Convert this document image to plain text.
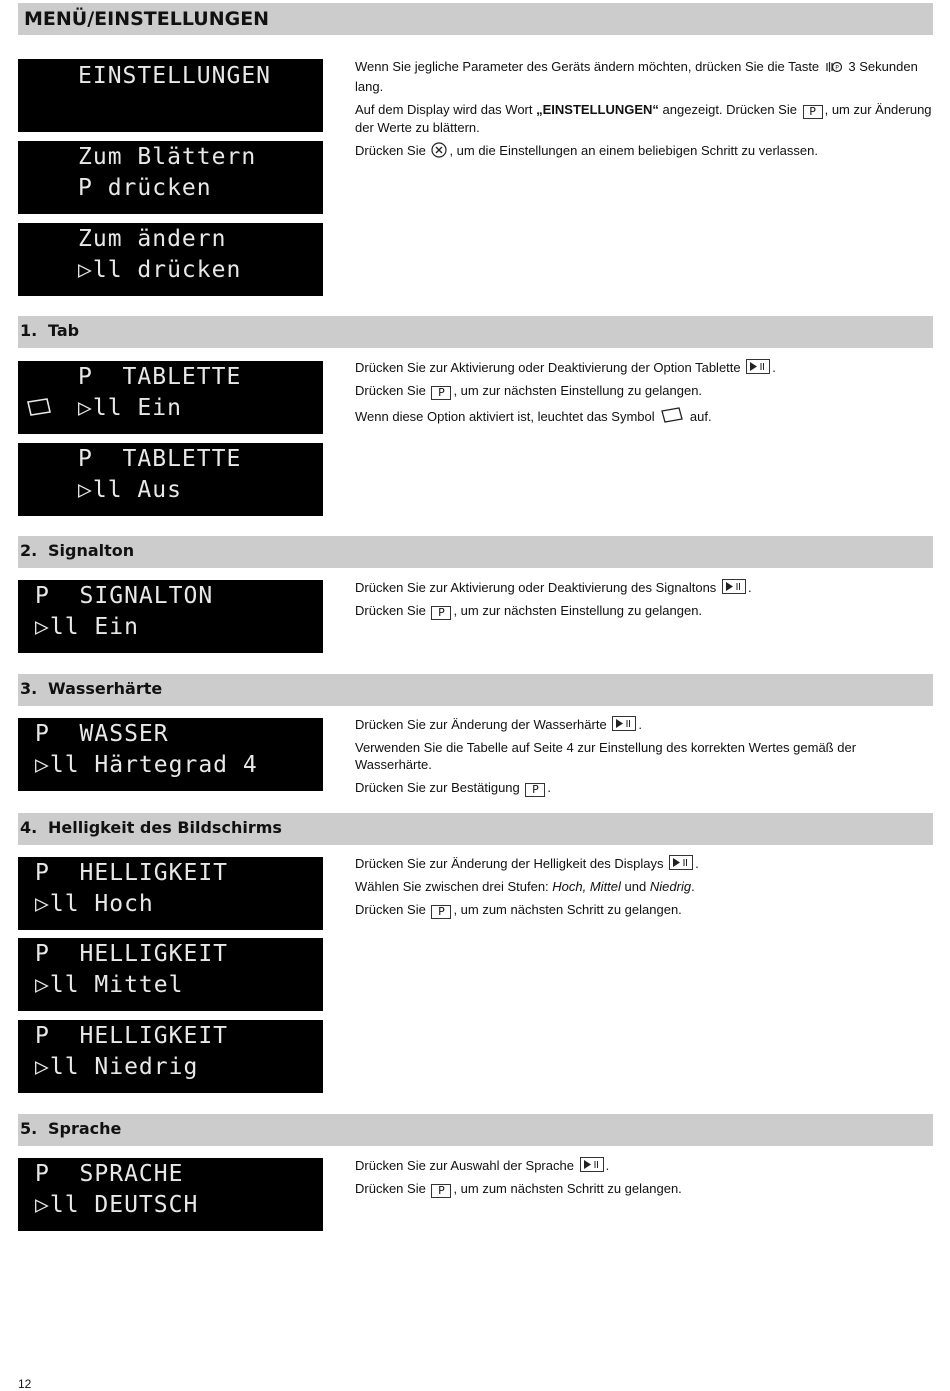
MENÜ/EINSTELLUNGEN
EINSTELLUNGEN
Zum Blättern
P drücken
Zum ändern
▷ll drücken

Wenn Sie jegliche Parameter des Geräts ändern möchten, drücken Sie die Taste	P 3 Sekunden lang.

Auf dem Display wird das Wort „EINSTELLUNGEN“ angezeigt. Drücken Sie P , um zur Änderung der Werte zu blättern.

Drücken Sie , um die Einstellungen an einem beliebigen Schritt zu verlassen.

1. Tab
P  TABLETTE
▷ll Ein
P  TABLETTE
▷ll Aus

Drücken Sie zur Aktivierung oder Deaktivierung der Option Tablette .

Drücken Sie P , um zur nächsten Einstellung zu gelangen.

Wenn diese Option aktiviert ist, leuchtet das Symbol	auf.

2. Signalton
P  SIGNALTON
▷ll Ein

Drücken Sie zur Aktivierung oder Deaktivierung des Signaltons .

Drücken Sie P , um zur nächsten Einstellung zu gelangen.

3. Wasserhärte
P  WASSER
▷ll Härtegrad 4

Drücken Sie zur Änderung der Wasserhärte .

Verwenden Sie die Tabelle auf Seite 4 zur Einstellung des korrekten Wertes gemäß der Wasserhärte.

Drücken Sie zur Bestätigung P .

4. Helligkeit des Bildschirms
P  HELLIGKEIT
▷ll Hoch
P  HELLIGKEIT
▷ll Mittel
P  HELLIGKEIT
▷ll Niedrig

Drücken Sie zur Änderung der Helligkeit des Displays .

Wählen Sie zwischen drei Stufen: Hoch, Mittel und Niedrig.

Drücken Sie P , um zum nächsten Schritt zu gelangen.

5. Sprache
P  SPRACHE
▷ll DEUTSCH

Drücken Sie zur Auswahl der Sprache .

Drücken Sie P , um zum nächsten Schritt zu gelangen.

12
